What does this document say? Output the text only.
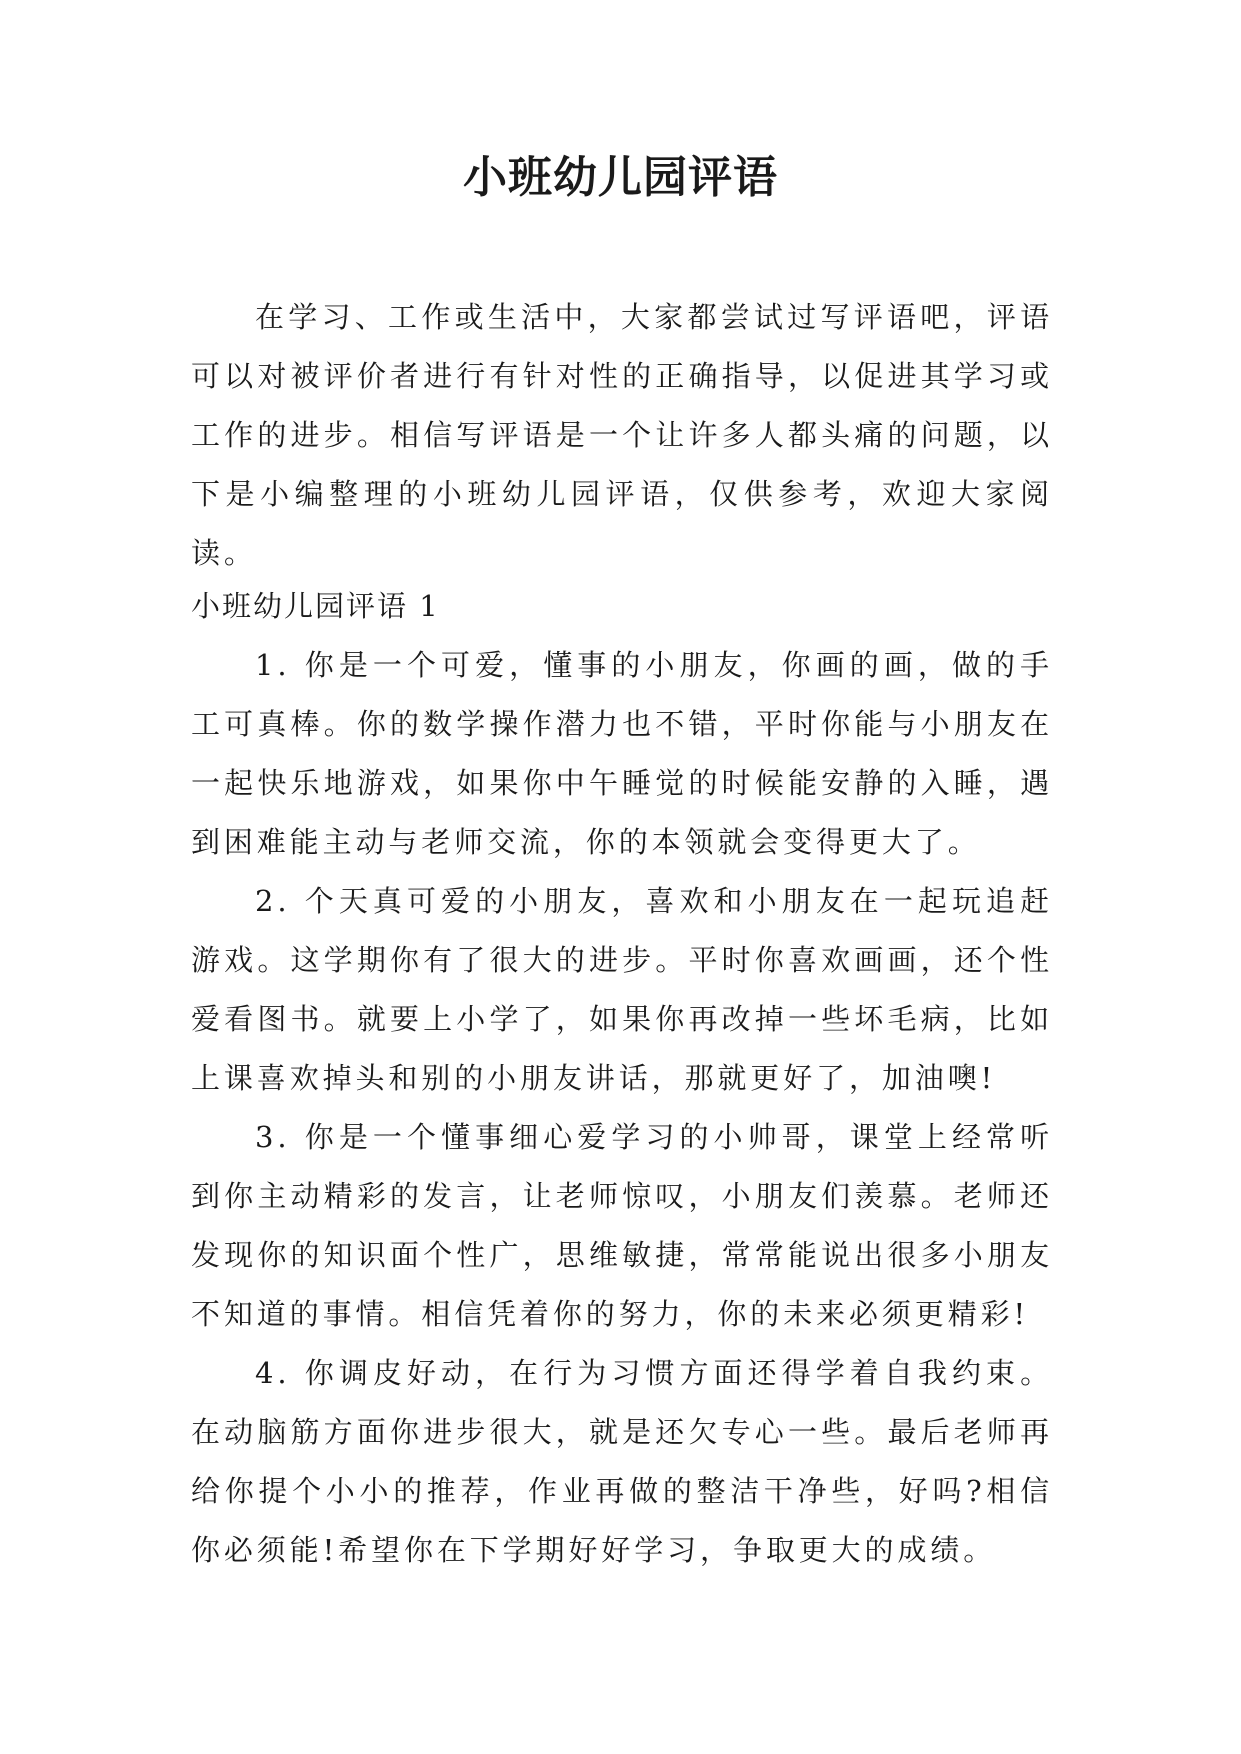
小班幼儿园评语

在学习、工作或生活中，大家都尝试过写评语吧，评语可以对被评价者进行有针对性的正确指导，以促进其学习或工作的进步。相信写评语是一个让许多人都头痛的问题，以下是小编整理的小班幼儿园评语，仅供参考，欢迎大家阅读。

小班幼儿园评语 1

1. 你是一个可爱，懂事的小朋友，你画的画，做的手工可真棒。你的数学操作潜力也不错，平时你能与小朋友在一起快乐地游戏，如果你中午睡觉的时候能安静的入睡，遇到困难能主动与老师交流，你的本领就会变得更大了。

2. 个天真可爱的小朋友，喜欢和小朋友在一起玩追赶游戏。这学期你有了很大的进步。平时你喜欢画画，还个性爱看图书。就要上小学了，如果你再改掉一些坏毛病，比如上课喜欢掉头和别的小朋友讲话，那就更好了，加油噢!

3. 你是一个懂事细心爱学习的小帅哥，课堂上经常听到你主动精彩的发言，让老师惊叹，小朋友们羡慕。老师还发现你的知识面个性广，思维敏捷，常常能说出很多小朋友不知道的事情。相信凭着你的努力，你的未来必须更精彩!

4. 你调皮好动，在行为习惯方面还得学着自我约束。在动脑筋方面你进步很大，就是还欠专心一些。最后老师再给你提个小小的推荐，作业再做的整洁干净些，好吗?相信你必须能!希望你在下学期好好学习，争取更大的成绩。
